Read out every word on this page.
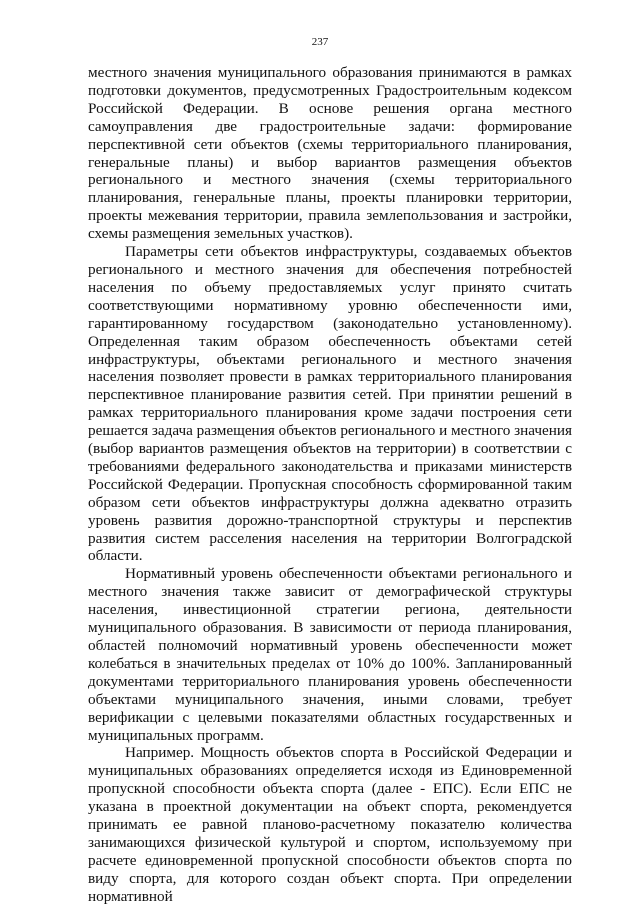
237

местного значения муниципального образования принимаются в рамках подготовки документов, предусмотренных Градостроительным кодексом Российской Федерации. В основе решения органа местного самоуправления две градостроительные задачи: формирование перспективной сети объектов (схемы территориального планирования, генеральные планы) и выбор вариантов размещения объектов регионального и местного значения (схемы территориального планирования, генеральные планы, проекты планировки территории, проекты межевания территории, правила землепользования и застройки, схемы размещения земельных участков).

Параметры сети объектов инфраструктуры, создаваемых объектов регионального и местного значения для обеспечения потребностей населения по объему предоставляемых услуг принято считать соответствующими нормативному уровню обеспеченности ими, гарантированному государством (законодательно установленному). Определенная таким образом обеспеченность объектами сетей инфраструктуры, объектами регионального и местного значения населения позволяет провести в рамках территориального планирования перспективное планирование развития сетей. При принятии решений в рамках территориального планирования кроме задачи построения сети решается задача размещения объектов регионального и местного значения (выбор вариантов размещения объектов на территории) в соответствии с требованиями федерального законодательства и приказами министерств Российской Федерации. Пропускная способность сформированной таким образом сети объектов инфраструктуры должна адекватно отразить уровень развития дорожно-транспортной структуры и перспектив развития систем расселения населения на территории Волгоградской области.

Нормативный уровень обеспеченности объектами регионального и местного значения также зависит от демографической структуры населения, инвестиционной стратегии региона, деятельности муниципального образования. В зависимости от периода планирования, областей полномочий нормативный уровень обеспеченности может колебаться в значительных пределах от 10% до 100%. Запланированный документами территориального планирования уровень обеспеченности объектами муниципального значения, иными словами, требует верификации с целевыми показателями областных государственных и муниципальных программ.

Например. Мощность объектов спорта в Российской Федерации и муниципальных образованиях определяется исходя из Единовременной пропускной способности объекта спорта (далее - ЕПС). Если ЕПС не указана в проектной документации на объект спорта, рекомендуется принимать ее равной планово-расчетному показателю количества занимающихся физической культурой и спортом, используемому при расчете единовременной пропускной способности объектов спорта по виду спорта, для которого создан объект спорта. При определении нормативной
